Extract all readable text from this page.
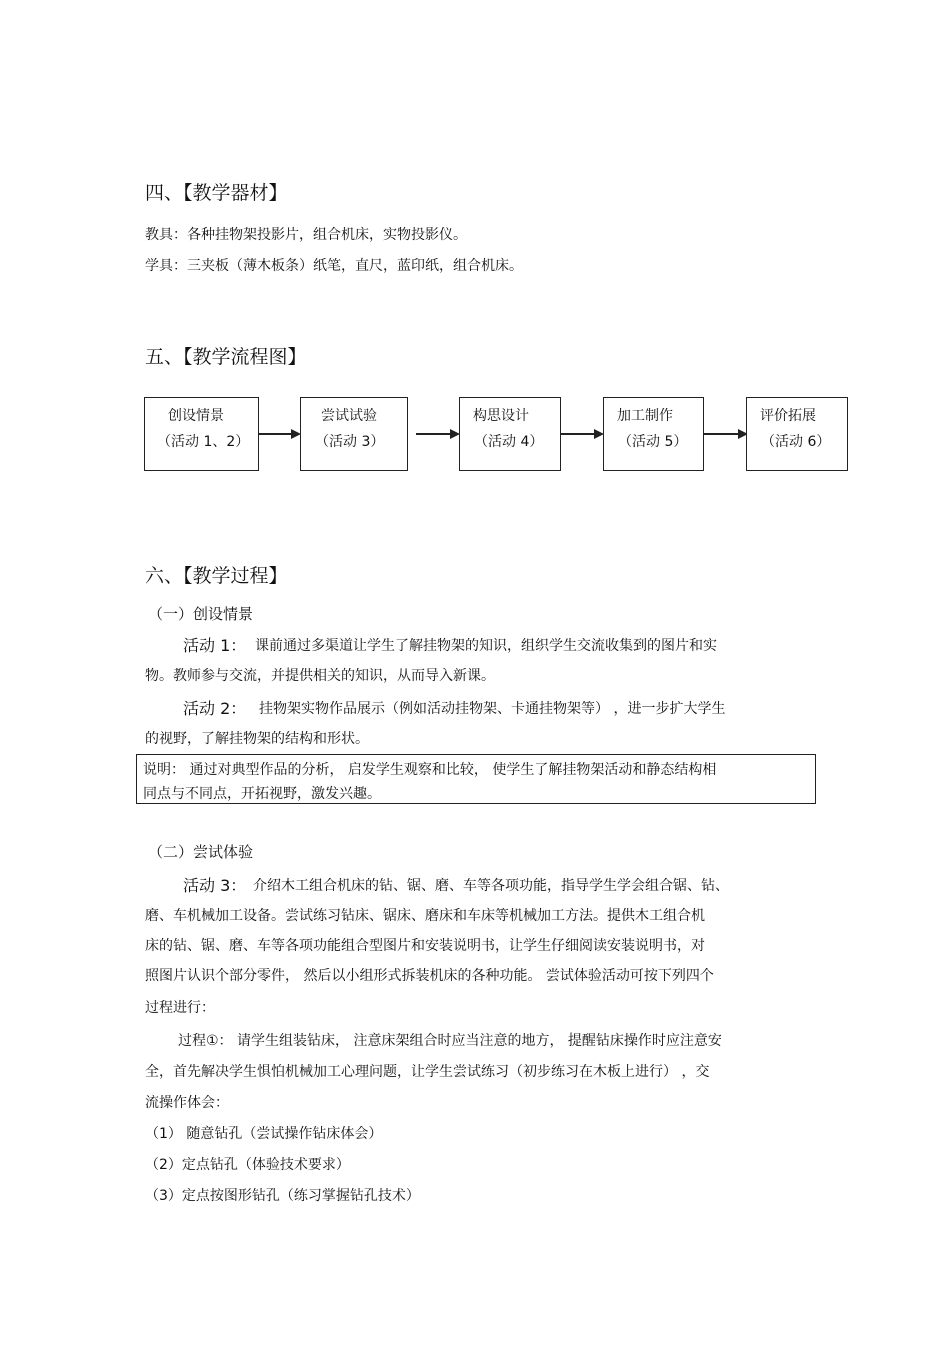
四、【教学器材】
教具：各种挂物架投影片，组合机床，实物投影仪。
学具：三夹板（薄木板条）纸笔，直尺，蓝印纸，组合机床。
五、【教学流程图】
创设情景
（活动 1、2）
尝试试验
（活动 3）
构思设计
（活动 4）
加工制作
（活动 5）
评价拓展
（活动 6）
六、【教学过程】
（一）创设情景
活动 1： 课前通过多渠道让学生了解挂物架的知识，组织学生交流收集到的图片和实
物。教师参与交流，并提供相关的知识，从而导入新课。
活动 2： 挂物架实物作品展示（例如活动挂物架、卡通挂物架等） ，进一步扩大学生
的视野，了解挂物架的结构和形状。
说明： 通过对典型作品的分析， 启发学生观察和比较， 使学生了解挂物架活动和静态结构相
同点与不同点，开拓视野，激发兴趣。
（二）尝试体验
活动 3： 介绍木工组合机床的钻、锯、磨、车等各项功能，指导学生学会组合锯、钻、
磨、车机械加工设备。尝试练习钻床、锯床、磨床和车床等机械加工方法。提供木工组合机
床的钻、锯、磨、车等各项功能组合型图片和安装说明书，让学生仔细阅读安装说明书，对
照图片认识个部分零件， 然后以小组形式拆装机床的各种功能。 尝试体验活动可按下列四个
过程进行：
过程①： 请学生组装钻床， 注意床架组合时应当注意的地方， 提醒钻床操作时应注意安
全，首先解决学生惧怕机械加工心理问题，让学生尝试练习（初步练习在木板上进行） ，交
流操作体会：
（1） 随意钻孔（尝试操作钻床体会）
（2）定点钻孔（体验技术要求）
（3）定点按图形钻孔（练习掌握钻孔技术）
